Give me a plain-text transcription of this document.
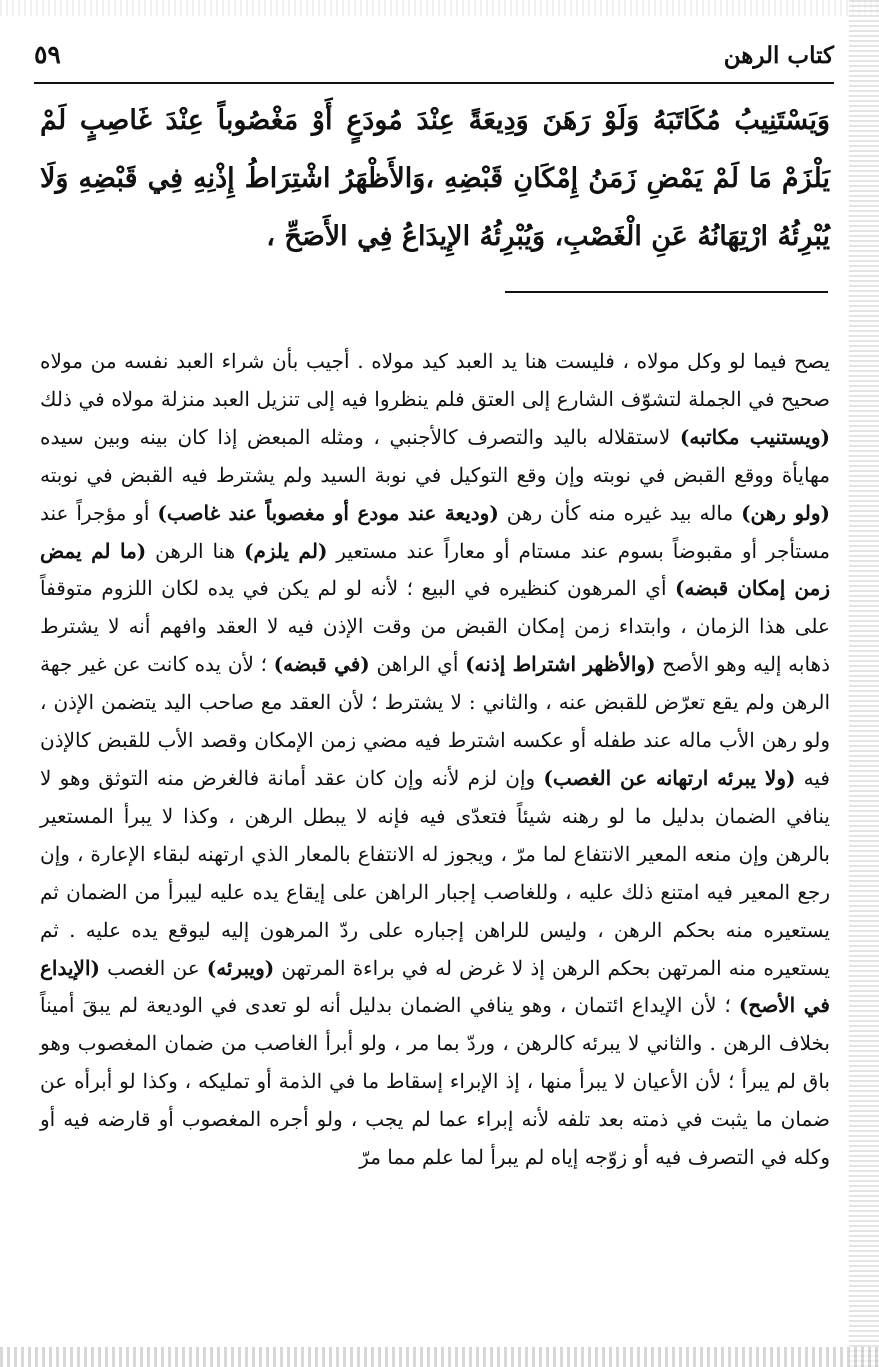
كتاب الرهن
٥٩
وَيَسْتَنِيبُ مُكَاتَبَهُ وَلَوْ رَهَنَ وَدِيعَةً عِنْدَ مُودَعٍ أَوْ مَغْصُوباً عِنْدَ غَاصِبٍ لَمْ يَلْزَمْ مَا لَمْ يَمْضِ زَمَنُ إِمْكَانِ قَبْضِهِ ،وَالأَظْهَرُ اشْتِرَاطُ إِذْنِهِ فِي قَبْضِهِ وَلَا يُبْرِئُهُ ارْتِهَانُهُ عَنِ الْغَصْبِ، وَيُبْرِئُهُ الإِيدَاعُ فِي الأَصَحِّ ،
يصح فيما لو وكل مولاه ، فليست هنا يد العبد كيد مولاه . أجيب بأن شراء العبد نفسه من مولاه صحيح في الجملة لتشوّف الشارع إلى العتق فلم ينظروا فيه إلى تنزيل العبد منزلة مولاه في ذلك (ويستنيب مكاتبه) لاستقلاله باليد والتصرف كالأجنبي ، ومثله المبعض إذا كان بينه وبين سيده مهايأة ووقع القبض في نوبته وإن وقع التوكيل في نوبة السيد ولم يشترط فيه القبض في نوبته (ولو رهن) ماله بيد غيره منه كأن رهن (وديعة عند مودع أو مغصوباً عند غاصب) أو مؤجراً عند مستأجر أو مقبوضاً بسوم عند مستام أو معاراً عند مستعير (لم يلزم) هنا الرهن (ما لم يمض زمن إمكان قبضه) أي المرهون كنظيره في البيع ؛ لأنه لو لم يكن في يده لكان اللزوم متوقفاً على هذا الزمان ، وابتداء زمن إمكان القبض من وقت الإذن فيه لا العقد وافهم أنه لا يشترط ذهابه إليه وهو الأصح (والأظهر اشتراط إذنه) أي الراهن (في قبضه) ؛ لأن يده كانت عن غير جهة الرهن ولم يقع تعرّض للقبض عنه ، والثاني : لا يشترط ؛ لأن العقد مع صاحب اليد يتضمن الإذن ، ولو رهن الأب ماله عند طفله أو عكسه اشترط فيه مضي زمن الإمكان وقصد الأب للقبض كالإذن فيه (ولا يبرئه ارتهانه عن الغصب) وإن لزم لأنه وإن كان عقد أمانة فالغرض منه التوثق وهو لا ينافي الضمان بدليل ما لو رهنه شيئاً فتعدّى فيه فإنه لا يبطل الرهن ، وكذا لا يبرأ المستعير بالرهن وإن منعه المعير الانتفاع لما مرّ ، ويجوز له الانتفاع بالمعار الذي ارتهنه لبقاء الإعارة ، وإن رجع المعير فيه امتنع ذلك عليه ، وللغاصب إجبار الراهن على إيقاع يده عليه ليبرأ من الضمان ثم يستعيره منه بحكم الرهن ، وليس للراهن إجباره على ردّ المرهون إليه ليوقع يده عليه . ثم يستعيره منه المرتهن بحكم الرهن إذ لا غرض له في براءة المرتهن (ويبرئه) عن الغصب (الإيداع في الأصح) ؛ لأن الإيداع ائتمان ، وهو ينافي الضمان بدليل أنه لو تعدى في الوديعة لم يبقَ أميناً بخلاف الرهن . والثاني لا يبرئه كالرهن ، وردّ بما مر ، ولو أبرأ الغاصب من ضمان المغصوب وهو باق لم يبرأ ؛ لأن الأعيان لا يبرأ منها ، إذ الإبراء إسقاط ما في الذمة أو تمليكه ، وكذا لو أبرأه عن ضمان ما يثبت في ذمته بعد تلفه لأنه إبراء عما لم يجب ، ولو أجره المغصوب أو قارضه فيه أو وكله في التصرف فيه أو زوّجه إياه لم يبرأ لما علم مما مرّ
